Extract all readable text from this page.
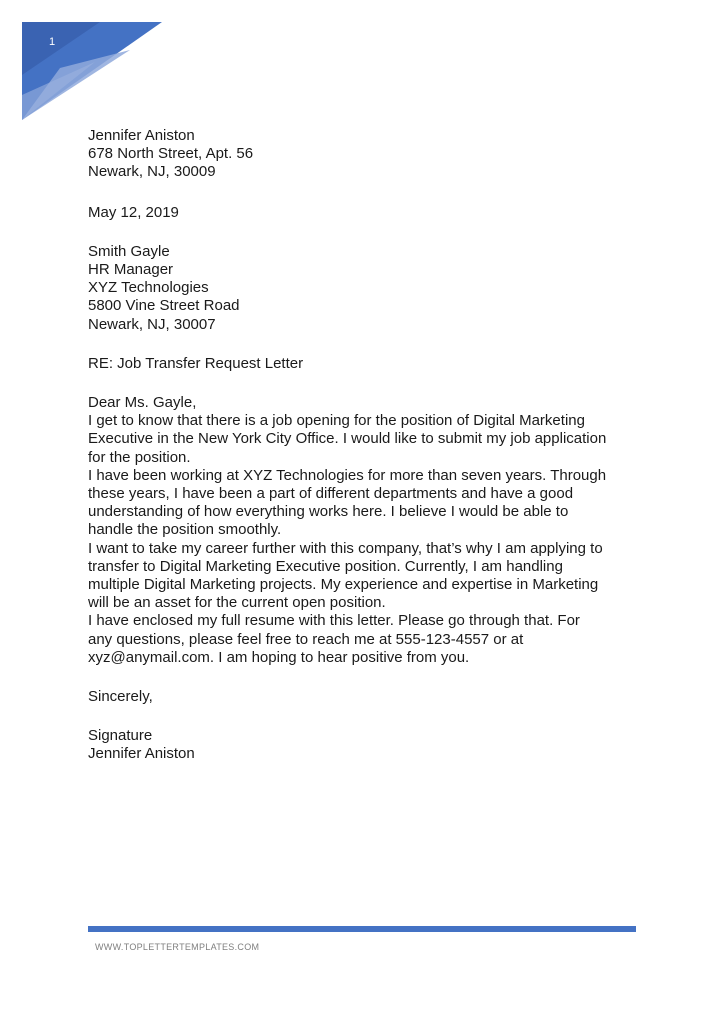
1
Jennifer Aniston
678 North Street, Apt. 56
Newark, NJ, 30009
May 12, 2019
Smith Gayle
HR Manager
XYZ Technologies
5800 Vine Street Road
Newark, NJ, 30007
RE: Job Transfer Request Letter
Dear Ms. Gayle,
I get to know that there is a job opening for the position of Digital Marketing
Executive in the New York City Office. I would like to submit my job application
for the position.
I have been working at XYZ Technologies for more than seven years. Through
these years, I have been a part of different departments and have a good
understanding of how everything works here. I believe I would be able to
handle the position smoothly.
I want to take my career further with this company, that’s why I am applying to
transfer to Digital Marketing Executive position. Currently, I am handling
multiple Digital Marketing projects. My experience and expertise in Marketing
will be an asset for the current open position.
I have enclosed my full resume with this letter. Please go through that. For
any questions, please feel free to reach me at 555-123-4557 or at
xyz@anymail.com. I am hoping to hear positive from you.
Sincerely,
Signature
Jennifer Aniston
WWW.TOPLETTERTEMPLATES.COM
